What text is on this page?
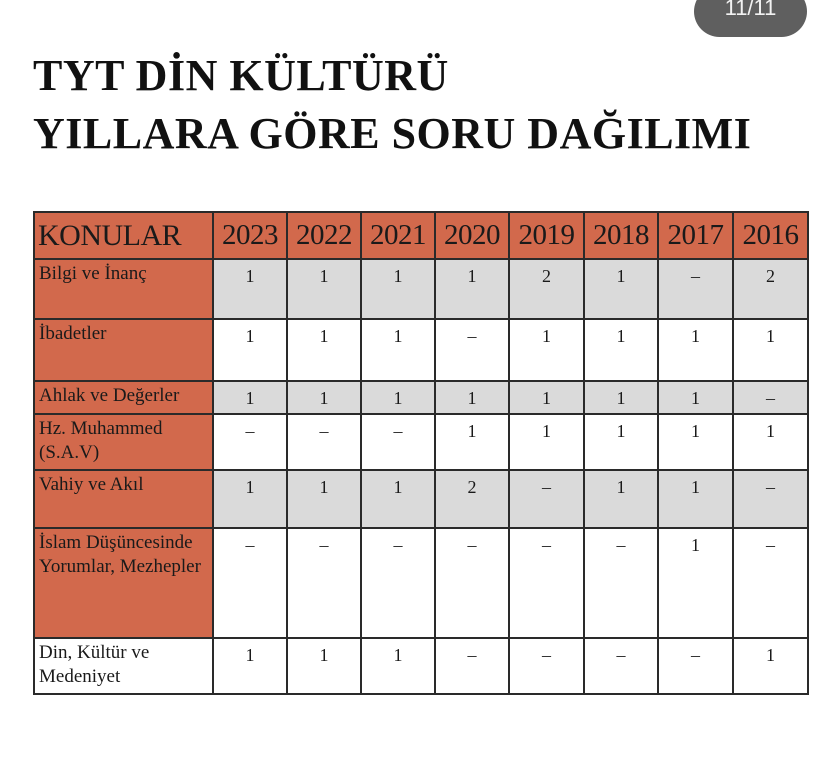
11/11
TYT DİN KÜLTÜRÜ
YILLARA GÖRE SORU DAĞILIMI
KONULAR	2023	2022	2021	2020	2019	2018	2017	2016
Bilgi ve İnanç	1	1	1	1	2	1	–	2
İbadetler	1	1	1	–	1	1	1	1
Ahlak ve Değerler	1	1	1	1	1	1	1	–
Hz. Muhammed (S.A.V)	–	–	–	1	1	1	1	1
Vahiy ve Akıl	1	1	1	2	–	1	1	–
İslam Düşüncesinde Yorumlar, Mezhepler	–	–	–	–	–	–	1	–
Din, Kültür ve Medeniyet	1	1	1	–	–	–	–	1
